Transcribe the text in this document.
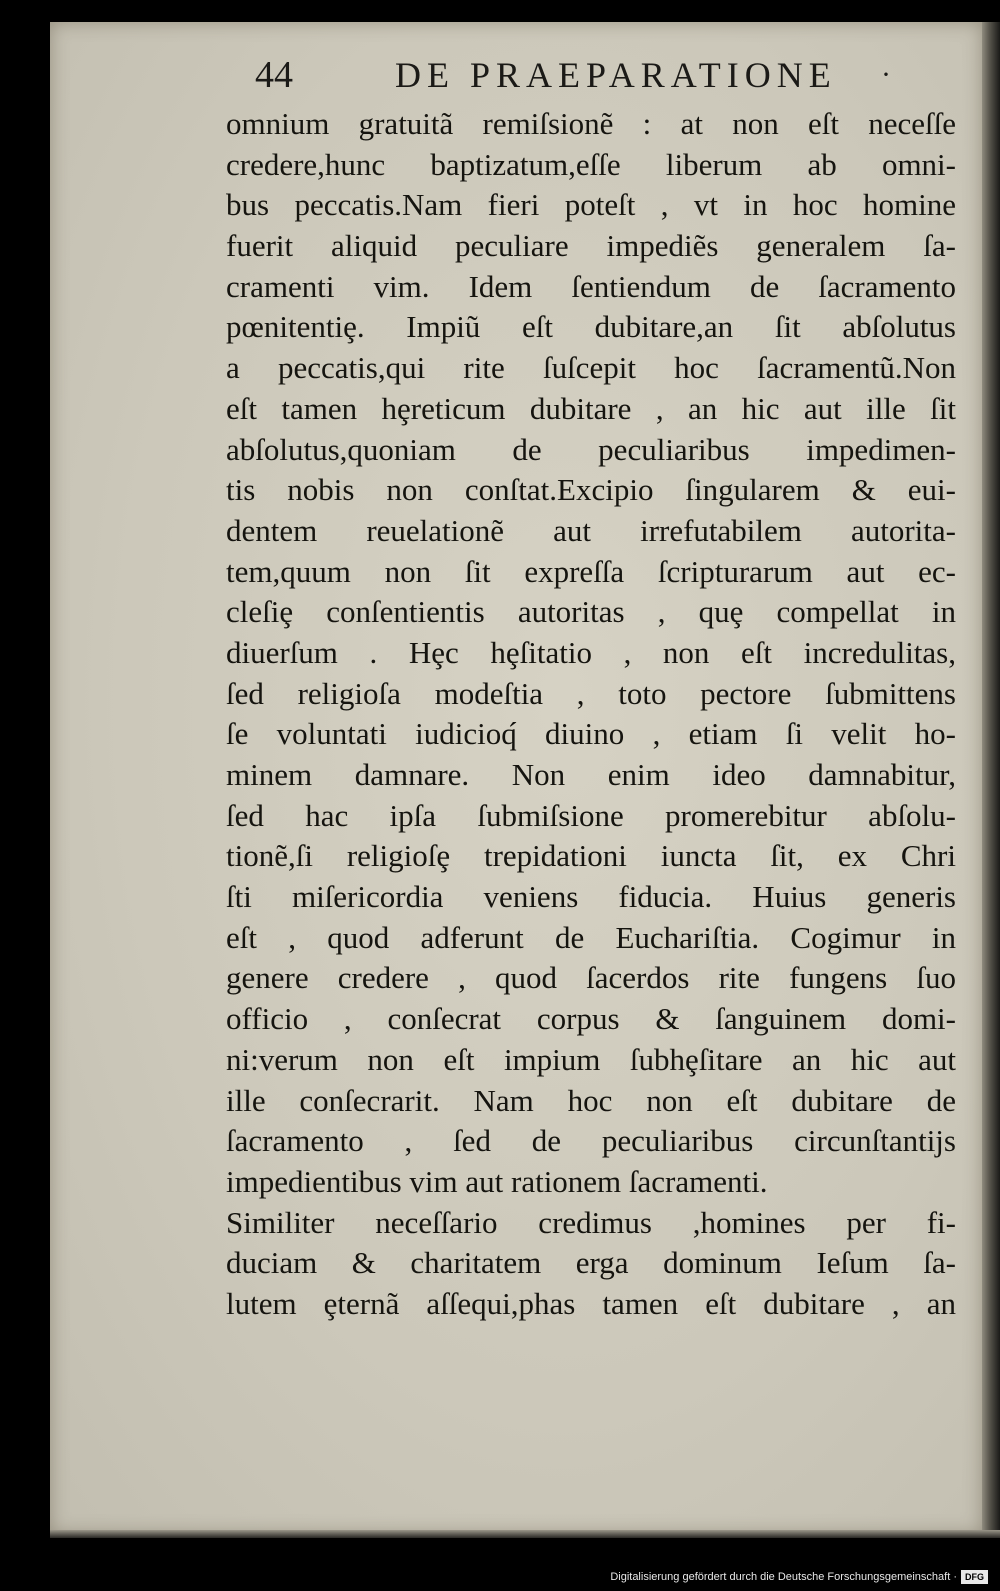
44	DE PRAEPARATIONE ·
omnium gratuitã remiſsionẽ : at non eſt neceſſe
credere,hunc baptizatum,eſſe liberum ab omni-
bus peccatis.Nam fieri poteſt , vt in hoc homine
fuerit aliquid peculiare impediẽs generalem ſa-
cramenti vim. Idem ſentiendum de ſacramento
pœnitentiȩ. Impiũ eſt dubitare,an ſit abſolutus
a peccatis,qui rite ſuſcepit hoc ſacramentũ.Non
eſt tamen hȩreticum dubitare , an hic aut ille ſit
abſolutus,quoniam de peculiaribus impedimen-
tis nobis non conſtat.Excipio ſingularem & eui-
dentem reuelationẽ aut irrefutabilem autorita-
tem,quum non ſit expreſſa ſcripturarum aut ec-
cleſiȩ conſentientis autoritas , quȩ compellat in
diuerſum . Hȩc hȩſitatio , non eſt incredulitas,
ſed religioſa modeſtia , toto pectore ſubmittens
ſe voluntati iudicioq́ diuino , etiam ſi velit ho-
minem damnare. Non enim ideo damnabitur,
ſed hac ipſa ſubmiſsione promerebitur abſolu-
tionẽ,ſi religioſȩ trepidationi iuncta ſit, ex Chri
ſti miſericordia veniens fiducia. Huius generis
eſt , quod adferunt de Euchariſtia. Cogimur in
genere credere , quod ſacerdos rite fungens ſuo
officio , conſecrat corpus & ſanguinem domi-
ni:verum non eſt impium ſubhȩſitare an hic aut
ille conſecrarit. Nam hoc non eſt dubitare de
ſacramento , ſed de peculiaribus circunſtantijs
impedientibus vim aut rationem ſacramenti.
Similiter neceſſario credimus ,homines per fi-
duciam & charitatem erga dominum Ieſum ſa-
lutem ȩternã aſſequi,phas tamen eſt dubitare , an
Digitalisierung gefördert durch die Deutsche Forschungsgemeinschaft · DFG
